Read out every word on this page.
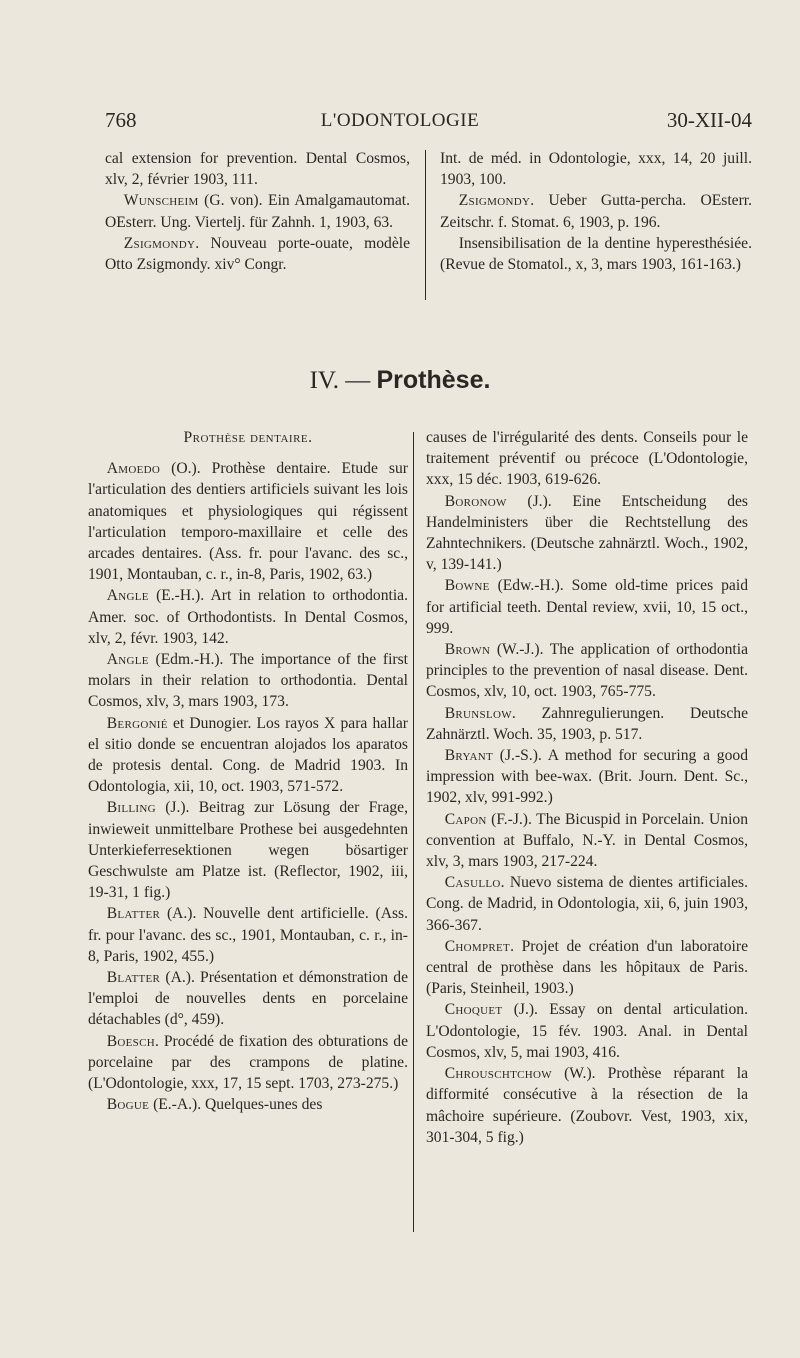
768	L'ODONTOLOGIE	30-XII-04

cal extension for prevention. Dental Cosmos, xlv, 2, février 1903, 111.

Wunscheim (G. von). Ein Amalgamautomat. OEsterr. Ung. Viertelj. für Zahnh. 1, 1903, 63.

Zsigmondy. Nouveau porte-ouate, modèle Otto Zsigmondy. xiv° Congr.

Int. de méd. in Odontologie, xxx, 14, 20 juill. 1903, 100.

Zsigmondy. Ueber Gutta-percha. OEsterr. Zeitschr. f. Stomat. 6, 1903, p. 196.

Insensibilisation de la dentine hyperesthésiée. (Revue de Stomatol., x, 3, mars 1903, 161-163.)

IV. — Prothèse.

Prothèse dentaire.

Amoedo (O.). Prothèse dentaire. Etude sur l'articulation des dentiers artificiels suivant les lois anatomiques et physiologiques qui régissent l'articulation temporo-maxillaire et celle des arcades dentaires. (Ass. fr. pour l'avanc. des sc., 1901, Montauban, c. r., in-8, Paris, 1902, 63.)

Angle (E.-H.). Art in relation to orthodontia. Amer. soc. of Orthodontists. In Dental Cosmos, xlv, 2, févr. 1903, 142.

Angle (Edm.-H.). The importance of the first molars in their relation to orthodontia. Dental Cosmos, xlv, 3, mars 1903, 173.

Bergonié et Dunogier. Los rayos X para hallar el sitio donde se encuentran alojados los aparatos de protesis dental. Cong. de Madrid 1903. In Odontologia, xii, 10, oct. 1903, 571-572.

Billing (J.). Beitrag zur Lösung der Frage, inwieweit unmittelbare Prothese bei ausgedehnten Unterkieferresektionen wegen bösartiger Geschwulste am Platze ist. (Reflector, 1902, iii, 19-31, 1 fig.)

Blatter (A.). Nouvelle dent artificielle. (Ass. fr. pour l'avanc. des sc., 1901, Montauban, c. r., in-8, Paris, 1902, 455.)

Blatter (A.). Présentation et démonstration de l'emploi de nouvelles dents en porcelaine détachables (d°, 459).

Boesch. Procédé de fixation des obturations de porcelaine par des crampons de platine. (L'Odontologie, xxx, 17, 15 sept. 1703, 273-275.)

Bogue (E.-A.). Quelques-unes des

causes de l'irrégularité des dents. Conseils pour le traitement préventif ou précoce (L'Odontologie, xxx, 15 déc. 1903, 619-626.

Boronow (J.). Eine Entscheidung des Handelministers über die Rechtstellung des Zahntechnikers. (Deutsche zahnärztl. Woch., 1902, v, 139-141.)

Bowne (Edw.-H.). Some old-time prices paid for artificial teeth. Dental review, xvii, 10, 15 oct., 999.

Brown (W.-J.). The application of orthodontia principles to the prevention of nasal disease. Dent. Cosmos, xlv, 10, oct. 1903, 765-775.

Brunslow. Zahnregulierungen. Deutsche Zahnärztl. Woch. 35, 1903, p. 517.

Bryant (J.-S.). A method for securing a good impression with bee-wax. (Brit. Journ. Dent. Sc., 1902, xlv, 991-992.)

Capon (F.-J.). The Bicuspid in Porcelain. Union convention at Buffalo, N.-Y. in Dental Cosmos, xlv, 3, mars 1903, 217-224.

Casullo. Nuevo sistema de dientes artificiales. Cong. de Madrid, in Odontologia, xii, 6, juin 1903, 366-367.

Chompret. Projet de création d'un laboratoire central de prothèse dans les hôpitaux de Paris. (Paris, Steinheil, 1903.)

Choquet (J.). Essay on dental articulation. L'Odontologie, 15 fév. 1903. Anal. in Dental Cosmos, xlv, 5, mai 1903, 416.

Chrouschtchow (W.). Prothèse réparant la difformité consécutive à la résection de la mâchoire supérieure. (Zoubovr. Vest, 1903, xix, 301-304, 5 fig.)
